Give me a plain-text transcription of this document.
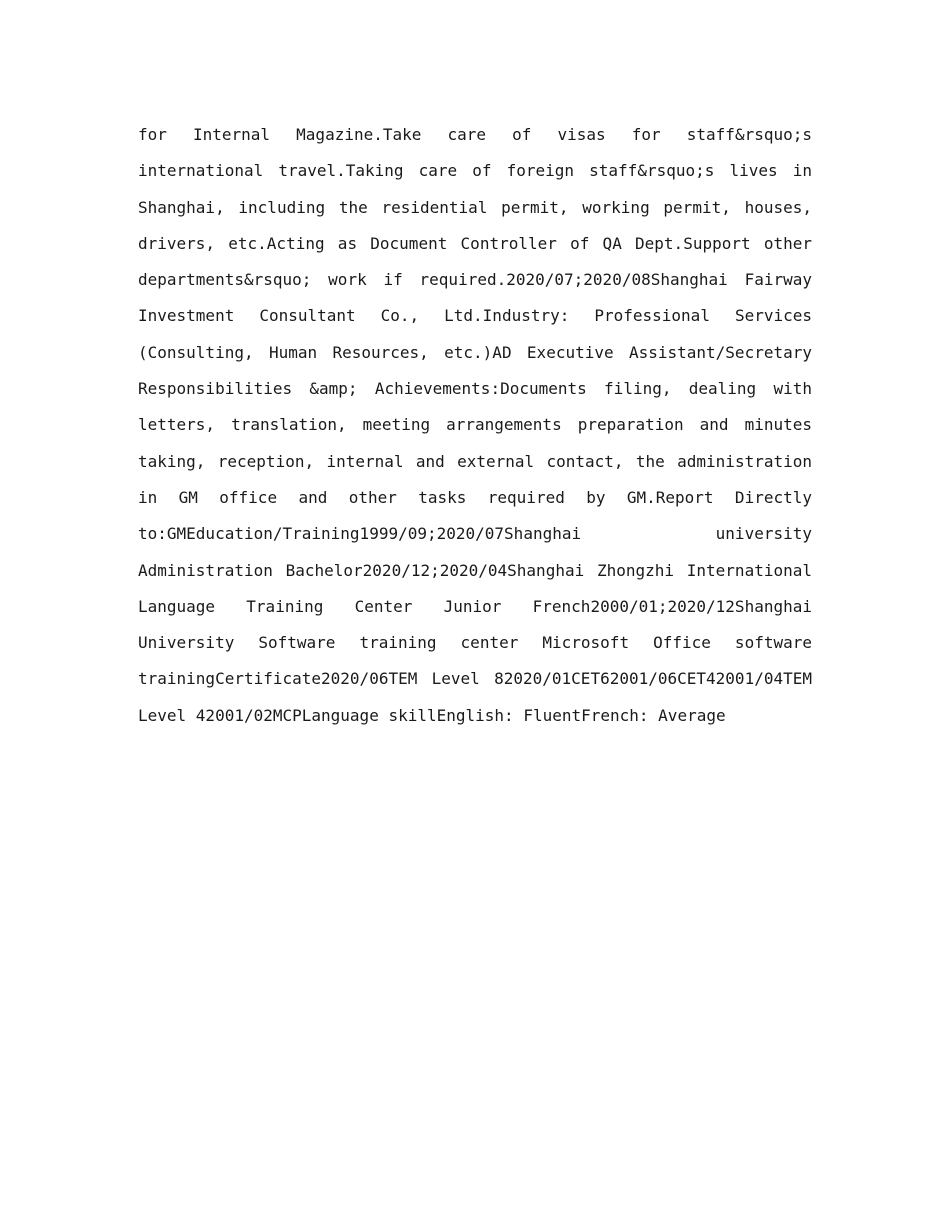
for Internal Magazine.Take care of visas for staff&rsquo;s international travel.Taking care of foreign staff&rsquo;s lives in Shanghai, including the residential permit, working permit, houses, drivers, etc.Acting as Document Controller of QA Dept.Support other departments&rsquo; work if required.2020/07;2020/08Shanghai Fairway Investment Consultant Co., Ltd.Industry: Professional Services (Consulting, Human Resources, etc.)AD Executive Assistant/Secretary Responsibilities &amp; Achievements:Documents filing, dealing with letters, translation, meeting arrangements preparation and minutes taking, reception, internal and external contact, the administration in GM office and other tasks required by GM.Report Directly to:GMEducation/Training1999/09;2020/07Shanghai university Administration Bachelor2020/12;2020/04Shanghai Zhongzhi International Language Training Center Junior French2000/01;2020/12Shanghai University Software training center Microsoft Office software trainingCertificate2020/06TEM Level 82020/01CET62001/06CET42001/04TEM Level 42001/02MCPLanguage skillEnglish: FluentFrench: Average
